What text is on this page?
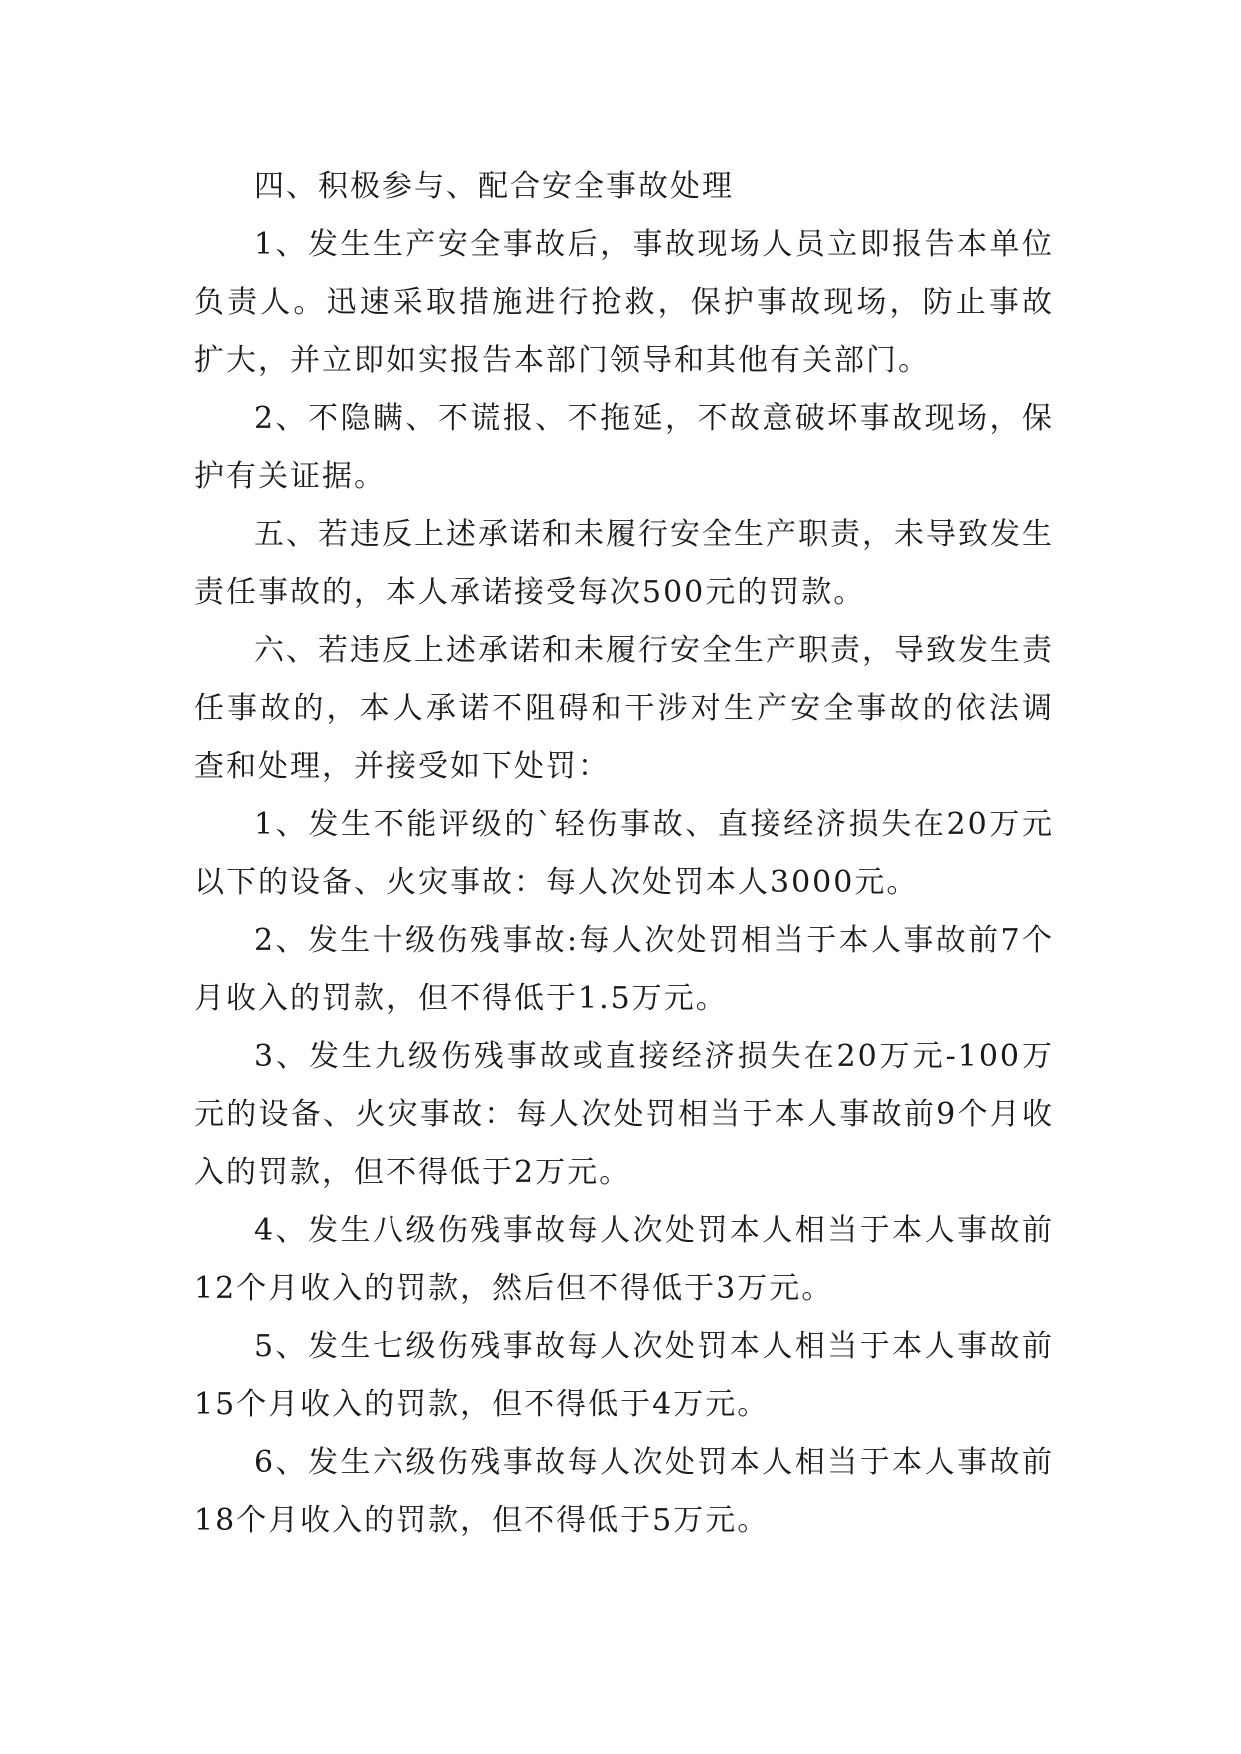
四、积极参与、配合安全事故处理

1、发生生产安全事故后，事故现场人员立即报告本单位负责人。迅速采取措施进行抢救，保护事故现场，防止事故扩大，并立即如实报告本部门领导和其他有关部门。

2、不隐瞒、不谎报、不拖延，不故意破坏事故现场，保护有关证据。

五、若违反上述承诺和未履行安全生产职责，未导致发生责任事故的，本人承诺接受每次500元的罚款。

六、若违反上述承诺和未履行安全生产职责，导致发生责任事故的，本人承诺不阻碍和干涉对生产安全事故的依法调查和处理，并接受如下处罚：

1、发生不能评级的`轻伤事故、直接经济损失在20万元以下的设备、火灾事故：每人次处罚本人3000元。

2、发生十级伤残事故:每人次处罚相当于本人事故前7个月收入的罚款，但不得低于1.5万元。

3、发生九级伤残事故或直接经济损失在20万元-100万元的设备、火灾事故：每人次处罚相当于本人事故前9个月收入的罚款，但不得低于2万元。

4、发生八级伤残事故每人次处罚本人相当于本人事故前12个月收入的罚款，然后但不得低于3万元。

5、发生七级伤残事故每人次处罚本人相当于本人事故前15个月收入的罚款，但不得低于4万元。

6、发生六级伤残事故每人次处罚本人相当于本人事故前18个月收入的罚款，但不得低于5万元。
